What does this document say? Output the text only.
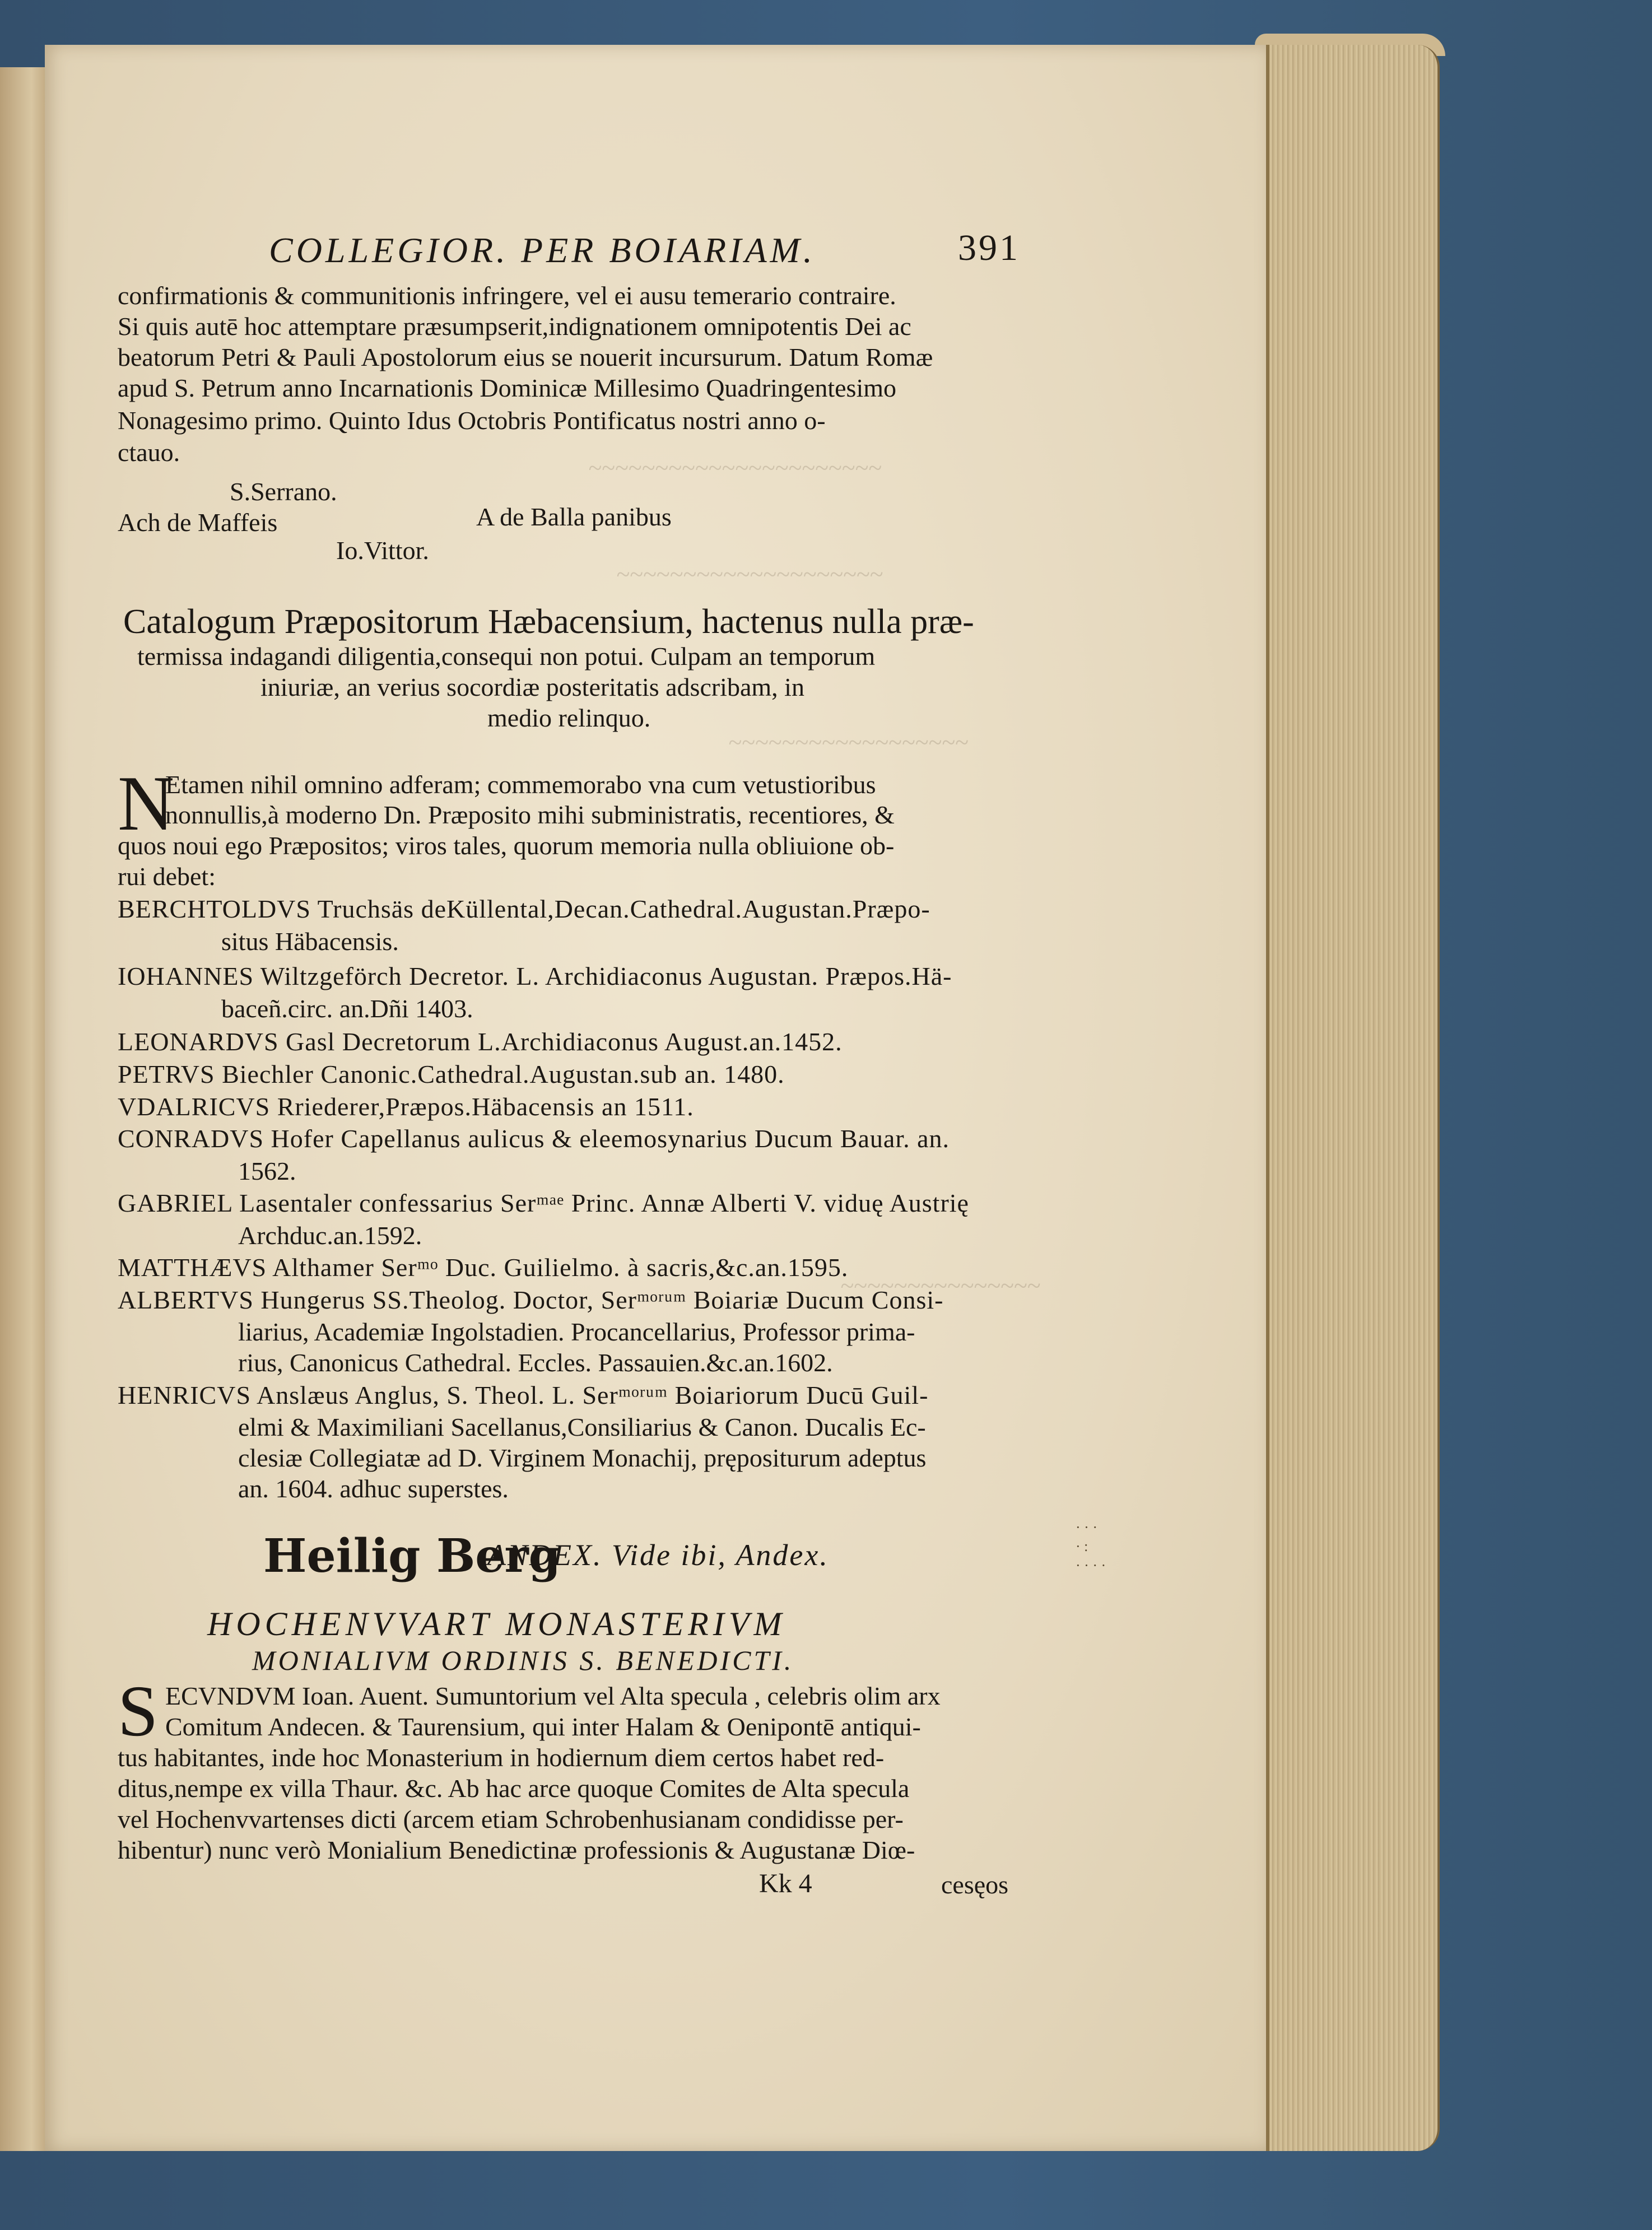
~~~~~~~~~~~~~~~~~~~~~~
~~~~~~~~~~~~~~~~~~~~
~~~~~~~~~~~~~~~~~~
~~~~~~~~~~~~~~~
COLLEGIOR. PER BOIARIAM.	391
confirmationis & communitionis infringere, vel ei ausu temerario contraire.
Si quis autē hoc attemptare præsumpserit,indignationem omnipotentis Dei ac
beatorum Petri & Pauli Apostolorum eius se nouerit incursurum. Datum Romæ
apud S. Petrum anno Incarnationis Dominicæ Millesimo Quadringentesimo
Nonagesimo primo. Quinto Idus Octobris Pontificatus nostri anno o-
ctauo.
S.Serrano.
Ach de Maffeis	A de Balla panibus
Io.Vittor.
Catalogum Præpositorum Hæbacensium, hactenus nulla præ-
termissa indagandi diligentia,consequi non potui. Culpam an temporum
iniuriæ, an verius socordiæ posteritatis adscribam, in
medio relinquo.
N
Etamen nihil omnino adferam; commemorabo vna cum vetustioribus
nonnullis,à moderno Dn. Præposito mihi subministratis, recentiores, &
quos noui ego Præpositos; viros tales, quorum memoria nulla obliuione ob-
rui debet:
BERCHTOLDVS Truchsäs deKüllental,Decan.Cathedral.Augustan.Præpo-
situs Häbacensis.
IOHANNES Wiltzgeförch Decretor. L. Archidiaconus Augustan. Præpos.Hä-
baceñ.circ. an.Dñi 1403.
LEONARDVS Gasl Decretorum L.Archidiaconus August.an.1452.
PETRVS Biechler Canonic.Cathedral.Augustan.sub an. 1480.
VDALRICVS Rriederer,Præpos.Häbacensis an 1511.
CONRADVS Hofer Capellanus aulicus & eleemosynarius Ducum Bauar. an.
1562.
GABRIEL Lasentaler confessarius Serᵐᵃᵉ Princ. Annæ Alberti V. viduę Austrię
Archduc.an.1592.
MATTHÆVS Althamer Serᵐᵒ Duc. Guilielmo. à sacris,&c.an.1595.
ALBERTVS Hungerus SS.Theolog. Doctor, Serᵐᵒʳᵘᵐ Boiariæ Ducum Consi-
liarius, Academiæ Ingolstadien. Procancellarius, Professor prima-
rius, Canonicus Cathedral. Eccles. Passauien.&c.an.1602.
HENRICVS Anslæus Anglus, S. Theol. L. Serᵐᵒʳᵘᵐ Boiariorum Ducū Guil-
elmi & Maximiliani Sacellanus,Consiliarius & Canon. Ducalis Ec-
clesiæ Collegiatæ ad D. Virginem Monachij, prępositurum adeptus
an. 1604. adhuc superstes.
Heilig Berg
ANDEX. Vide ibi, Andex.
HOCHENVVART MONASTERIVM
MONIALIVM ORDINIS S. BENEDICTI.
S ECVNDVM Ioan. Auent. Sumuntorium vel Alta specula , celebris olim arx
Comitum Andecen. & Taurensium, qui inter Halam & Oenipontē antiqui-
tus habitantes, inde hoc Monasterium in hodiernum diem certos habet red-
ditus,nempe ex villa Thaur. &c. Ab hac arce quoque Comites de Alta specula
vel Hochenvvartenses dicti (arcem etiam Schrobenhusianam condidisse per-
hibentur) nunc verò Monialium Benedictinæ professionis & Augustanæ Diœ-
Kk 4	cesęos
· · ·
· :
· · · ·
